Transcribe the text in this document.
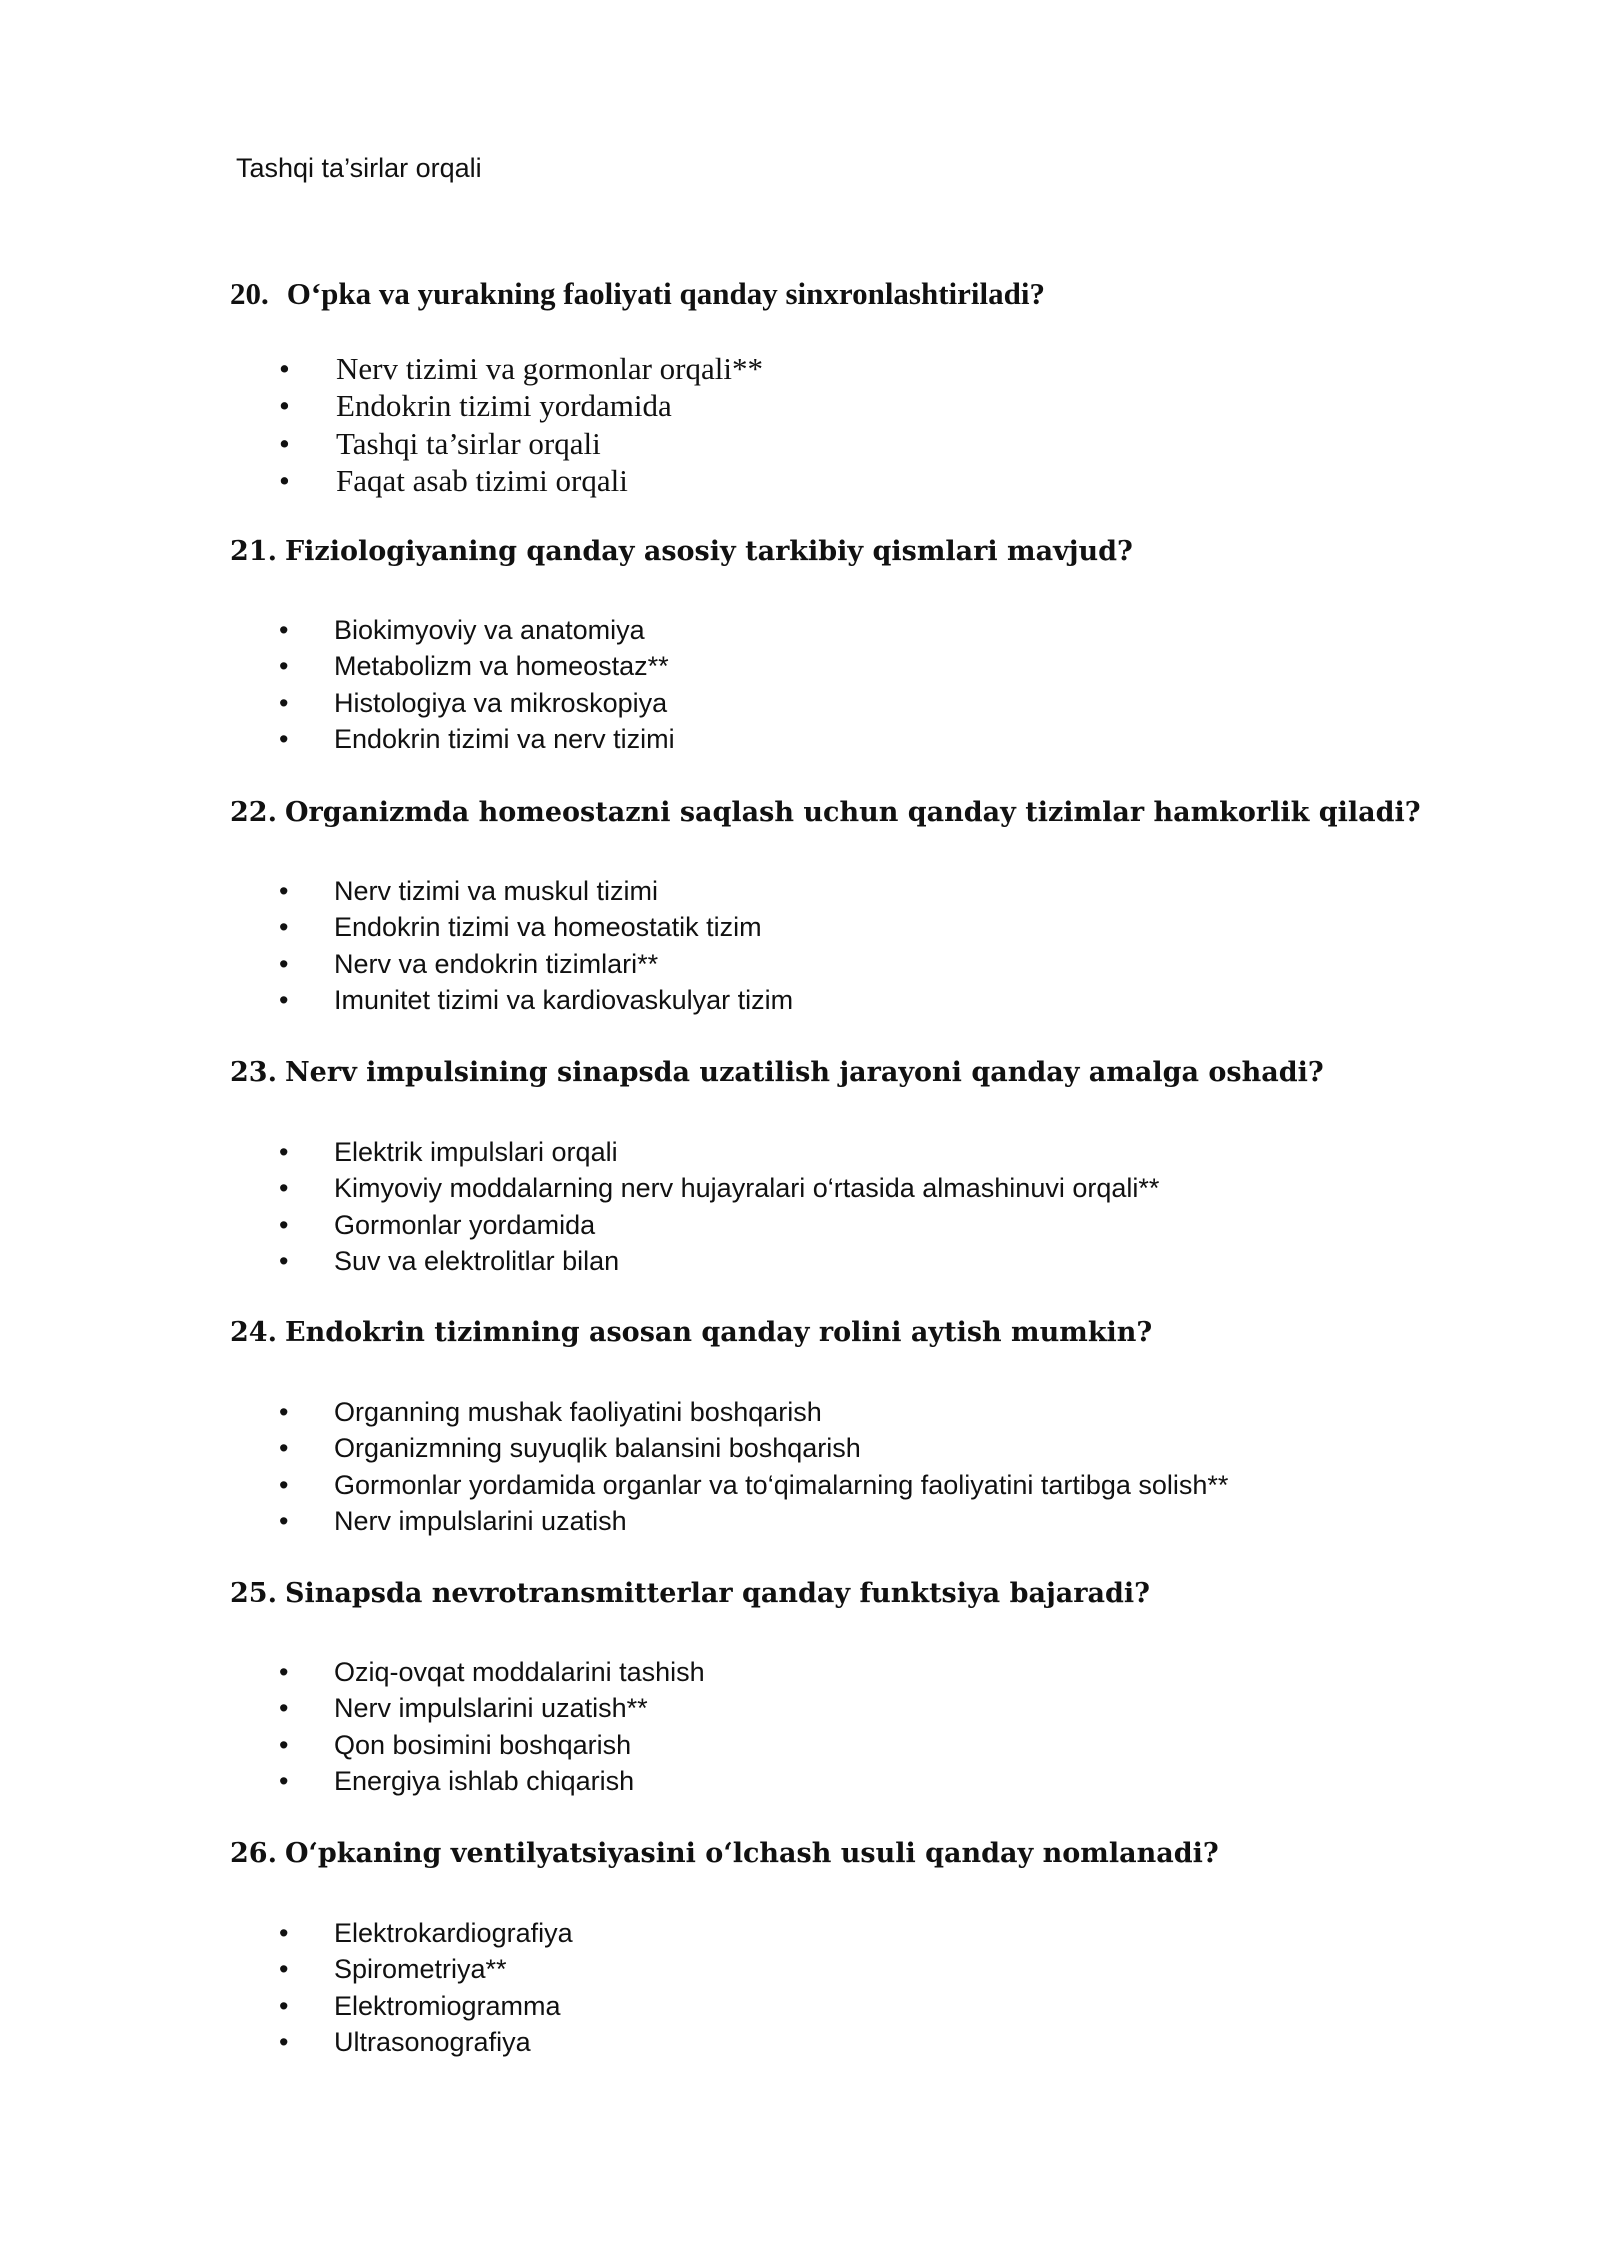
Tashqi ta’sirlar orqali

20. O‘pka va yurakning faoliyati qanday sinxronlashtiriladi?

• Nerv tizimi va gormonlar orqali**
• Endokrin tizimi yordamida
• Tashqi ta’sirlar orqali
• Faqat asab tizimi orqali

21. Fiziologiyaning qanday asosiy tarkibiy qismlari mavjud?

• Biokimyoviy va anatomiya
• Metabolizm va homeostaz**
• Histologiya va mikroskopiya
• Endokrin tizimi va nerv tizimi

22. Organizmda homeostazni saqlash uchun qanday tizimlar hamkorlik qiladi?

• Nerv tizimi va muskul tizimi
• Endokrin tizimi va homeostatik tizim
• Nerv va endokrin tizimlari**
• Imunitet tizimi va kardiovaskulyar tizim

23. Nerv impulsining sinapsda uzatilish jarayoni qanday amalga oshadi?

• Elektrik impulslari orqali
• Kimyoviy moddalarning nerv hujayralari o‘rtasida almashinuvi orqali**
• Gormonlar yordamida
• Suv va elektrolitlar bilan

24. Endokrin tizimning asosan qanday rolini aytish mumkin?

• Organning mushak faoliyatini boshqarish
• Organizmning suyuqlik balansini boshqarish
• Gormonlar yordamida organlar va to‘qimalarning faoliyatini tartibga solish**
• Nerv impulslarini uzatish

25. Sinapsda nevrotransmitterlar qanday funktsiya bajaradi?

• Oziq-ovqat moddalarini tashish
• Nerv impulslarini uzatish**
• Qon bosimini boshqarish
• Energiya ishlab chiqarish

26. O‘pkaning ventilyatsiyasini o‘lchash usuli qanday nomlanadi?

• Elektrokardiografiya
• Spirometriya**
• Elektromiogramma
• Ultrasonografiya
